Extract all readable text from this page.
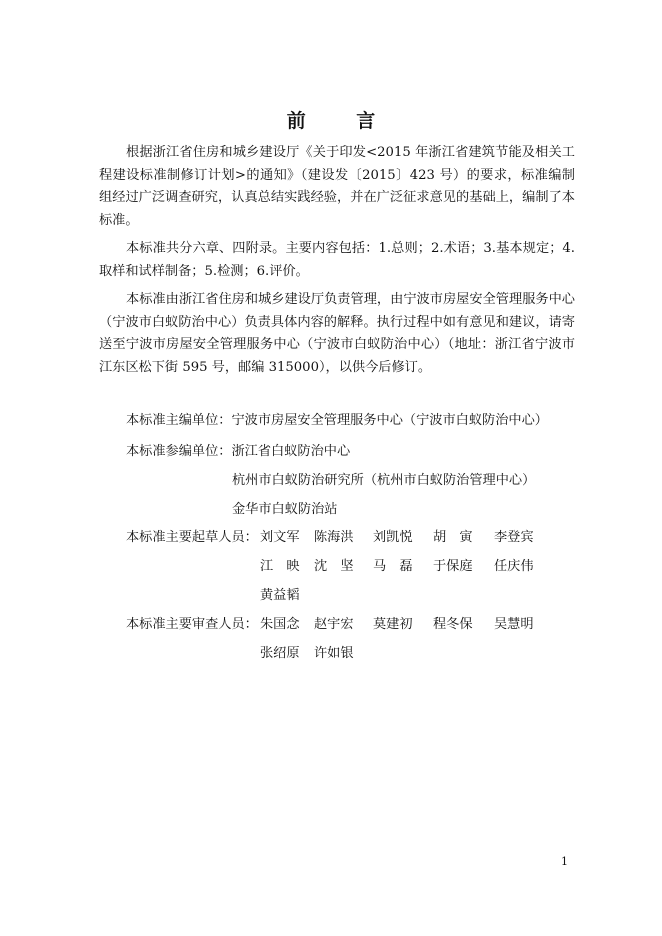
前 言

根据浙江省住房和城乡建设厅《关于印发<2015 年浙江省建筑节能及相关工程建设标准制修订计划>的通知》（建设发〔2015〕423 号）的要求，标准编制组经过广泛调查研究，认真总结实践经验，并在广泛征求意见的基础上，编制了本标准。

本标准共分六章、四附录。主要内容包括：1.总则；2.术语；3.基本规定；4.取样和试样制备；5.检测；6.评价。

本标准由浙江省住房和城乡建设厅负责管理，由宁波市房屋安全管理服务中心（宁波市白蚁防治中心）负责具体内容的解释。执行过程中如有意见和建议，请寄送至宁波市房屋安全管理服务中心（宁波市白蚁防治中心）（地址：浙江省宁波市江东区松下街 595 号，邮编 315000），以供今后修订。

本标准主编单位：宁波市房屋安全管理服务中心（宁波市白蚁防治中心）
本标准参编单位：浙江省白蚁防治中心
杭州市白蚁防治研究所（杭州市白蚁防治管理中心）
金华市白蚁防治站
本标准主要起草人员： 刘文军 陈海洪 刘凯悦 胡　寅 李登宾
江　映 沈　坚 马　磊 于保庭 任庆伟
黄益韬
本标准主要审查人员： 朱国念 赵宇宏 莫建初 程冬保 吴慧明
张绍原 许如银
1
